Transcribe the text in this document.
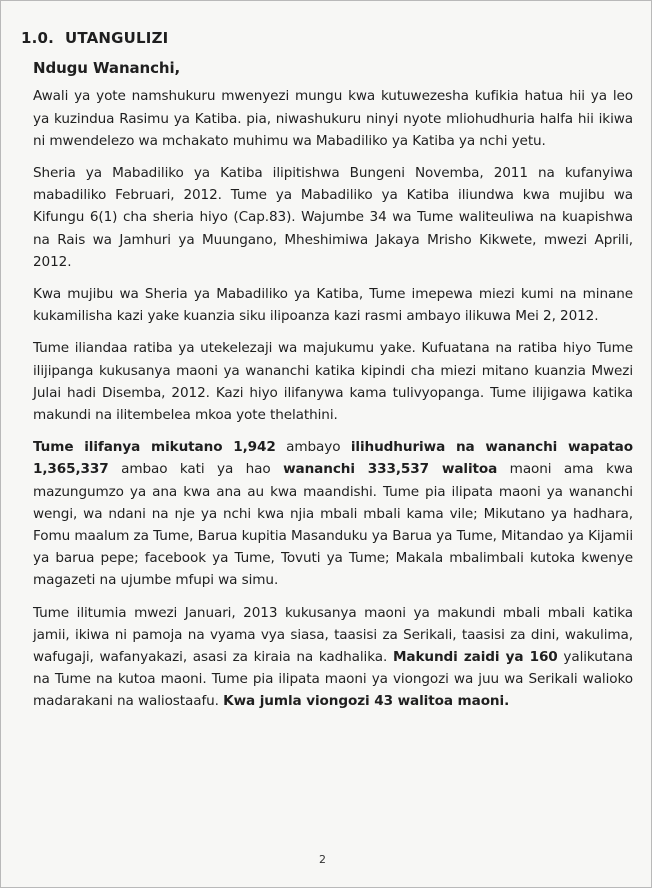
1.0. UTANGULIZI

Ndugu Wananchi,

Awali ya yote namshukuru mwenyezi mungu kwa kutuwezesha kufikia hatua hii ya leo ya kuzindua Rasimu ya Katiba. pia, niwashukuru ninyi nyote mliohudhuria halfa hii ikiwa ni mwendelezo wa mchakato muhimu wa Mabadiliko ya Katiba ya nchi yetu.

Sheria ya Mabadiliko ya Katiba ilipitishwa Bungeni Novemba, 2011 na kufanyiwa mabadiliko Februari, 2012. Tume ya Mabadiliko ya Katiba iliundwa kwa mujibu wa Kifungu 6(1) cha sheria hiyo (Cap.83). Wajumbe 34 wa Tume waliteuliwa na kuapishwa na Rais wa Jamhuri ya Muungano, Mheshimiwa Jakaya Mrisho Kikwete, mwezi Aprili, 2012.

Kwa mujibu wa Sheria ya Mabadiliko ya Katiba, Tume imepewa miezi kumi na minane kukamilisha kazi yake kuanzia siku ilipoanza kazi rasmi ambayo ilikuwa Mei 2, 2012.

Tume iliandaa ratiba ya utekelezaji wa majukumu yake. Kufuatana na ratiba hiyo Tume ilijipanga kukusanya maoni ya wananchi katika kipindi cha miezi mitano kuanzia Mwezi Julai hadi Disemba, 2012. Kazi hiyo ilifanywa kama tulivyopanga. Tume ilijigawa katika makundi na ilitembelea mkoa yote thelathini.

Tume ilifanya mikutano 1,942 ambayo ilihudhuriwa na wananchi wapatao 1,365,337 ambao kati ya hao wananchi 333,537 walitoa maoni ama kwa mazungumzo ya ana kwa ana au kwa maandishi. Tume pia ilipata maoni ya wananchi wengi, wa ndani na nje ya nchi kwa njia mbali mbali kama vile; Mikutano ya hadhara, Fomu maalum za Tume, Barua kupitia Masanduku ya Barua ya Tume, Mitandao ya Kijamii ya barua pepe; facebook ya Tume, Tovuti ya Tume; Makala mbalimbali kutoka kwenye magazeti na ujumbe mfupi wa simu.

Tume ilitumia mwezi Januari, 2013 kukusanya maoni ya makundi mbali mbali katika jamii, ikiwa ni pamoja na vyama vya siasa, taasisi za Serikali, taasisi za dini, wakulima, wafugaji, wafanyakazi, asasi za kiraia na kadhalika. Makundi zaidi ya 160 yalikutana na Tume na kutoa maoni. Tume pia ilipata maoni ya viongozi wa juu wa Serikali walioko madarakani na waliostaafu. Kwa jumla viongozi 43 walitoa maoni.

2
